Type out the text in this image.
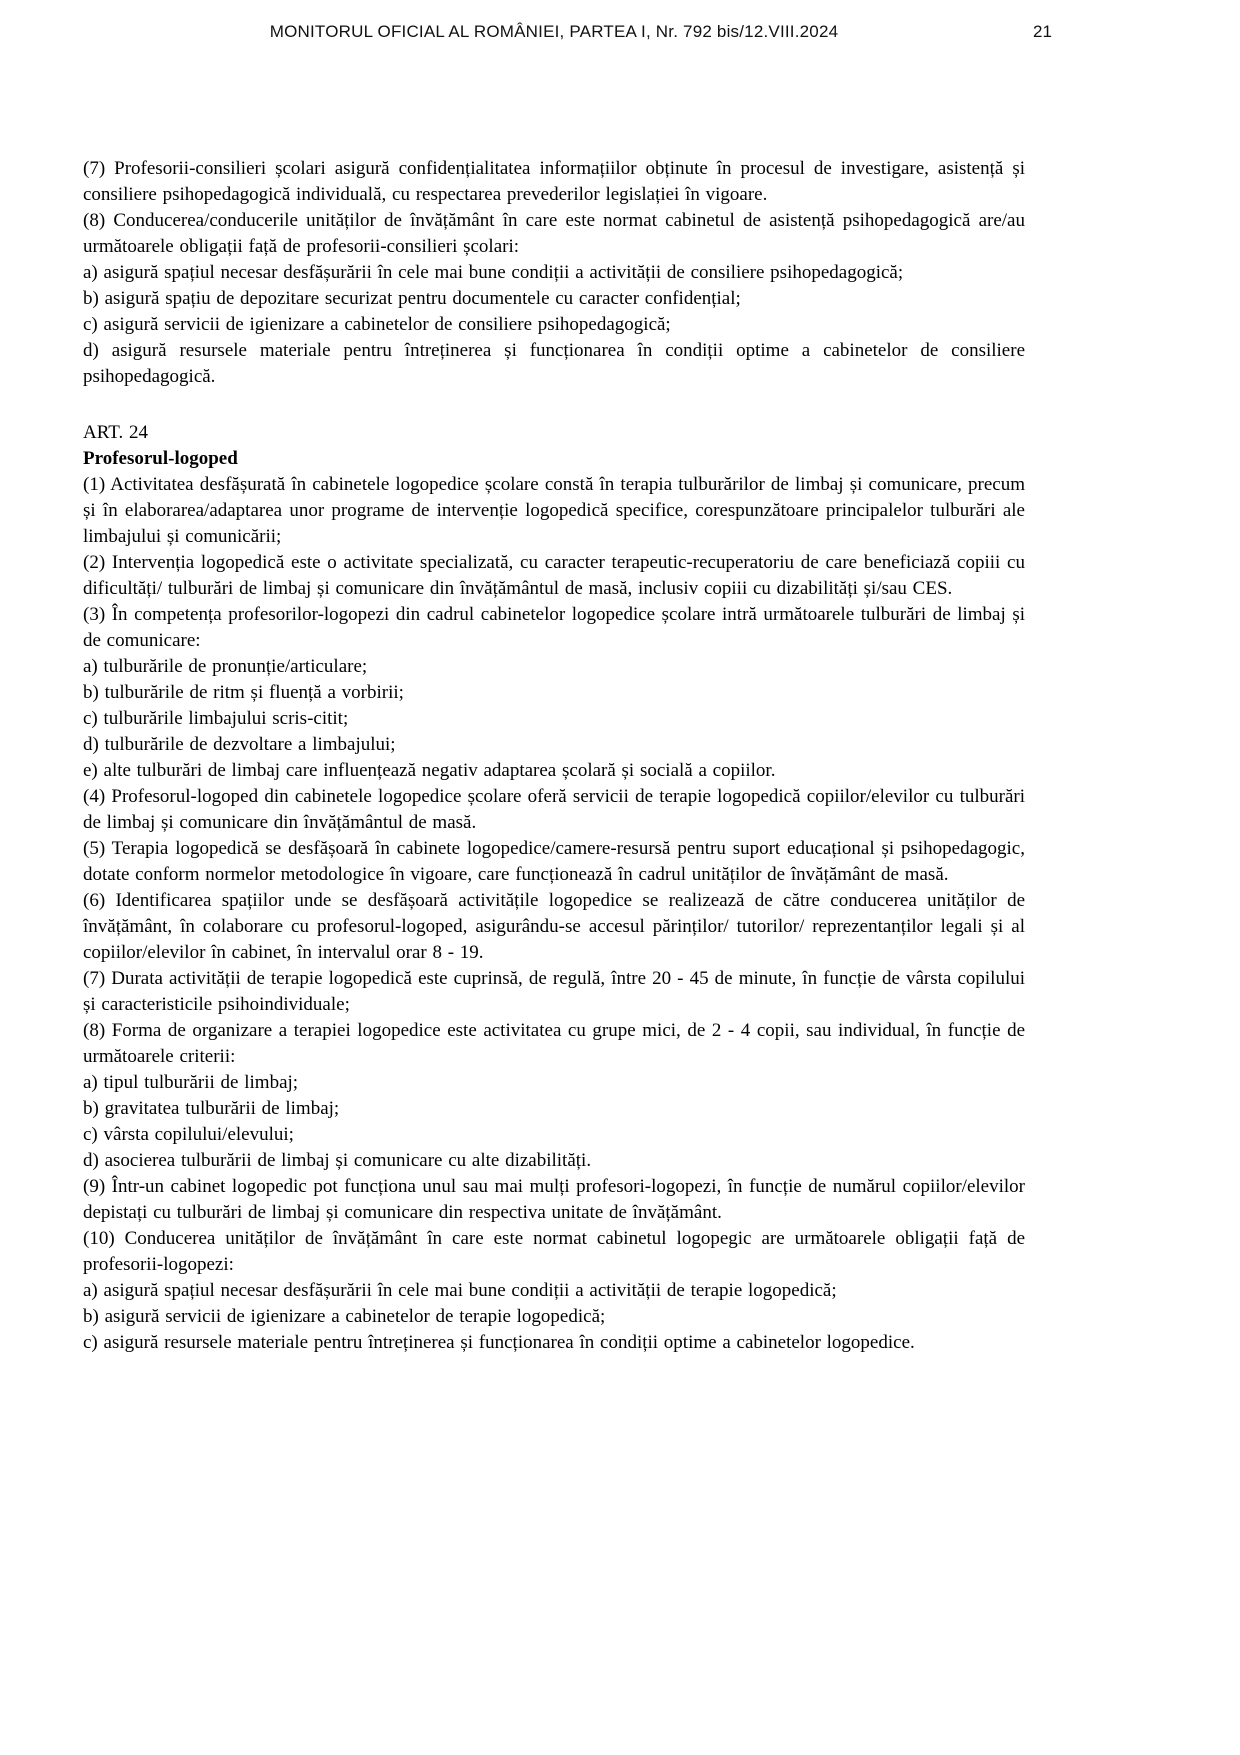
MONITORUL OFICIAL AL ROMÂNIEI, PARTEA I, Nr. 792 bis/12.VIII.2024	21

(7) Profesorii-consilieri școlari asigură confidențialitatea informațiilor obținute în procesul de investigare, asistență și consiliere psihopedagogică individuală, cu respectarea prevederilor legislației în vigoare.

(8) Conducerea/conducerile unităților de învățământ în care este normat cabinetul de asistență psihopedagogică are/au următoarele obligații față de profesorii-consilieri școlari:

a) asigură spațiul necesar desfășurării în cele mai bune condiții a activității de consiliere psihopedagogică;

b) asigură spațiu de depozitare securizat pentru documentele cu caracter confidențial;

c) asigură servicii de igienizare a cabinetelor de consiliere psihopedagogică;

d) asigură resursele materiale pentru întreținerea și funcționarea în condiții optime a cabinetelor de consiliere psihopedagogică.

ART. 24

Profesorul-logoped

(1) Activitatea desfășurată în cabinetele logopedice școlare constă în terapia tulburărilor de limbaj și comunicare, precum și în elaborarea/adaptarea unor programe de intervenție logopedică specifice, corespunzătoare principalelor tulburări ale limbajului și comunicării;

(2) Intervenția logopedică este o activitate specializată, cu caracter terapeutic-recuperatoriu de care beneficiază copiii cu dificultăți/ tulburări de limbaj și comunicare din învățământul de masă, inclusiv copiii cu dizabilități și/sau CES.

(3) În competența profesorilor-logopezi din cadrul cabinetelor logopedice școlare intră următoarele tulburări de limbaj și de comunicare:

a) tulburările de pronunție/articulare;

b) tulburările de ritm și fluență a vorbirii;

c) tulburările limbajului scris-citit;

d) tulburările de dezvoltare a limbajului;

e) alte tulburări de limbaj care influențează negativ adaptarea școlară și socială a copiilor.

(4) Profesorul-logoped din cabinetele logopedice școlare oferă servicii de terapie logopedică copiilor/elevilor cu tulburări de limbaj și comunicare din învățământul de masă.

(5) Terapia logopedică se desfășoară în cabinete logopedice/camere-resursă pentru suport educațional și psihopedagogic, dotate conform normelor metodologice în vigoare, care funcționează în cadrul unităților de învățământ de masă.

(6) Identificarea spațiilor unde se desfășoară activitățile logopedice se realizează de către conducerea unităților de învățământ, în colaborare cu profesorul-logoped, asigurându-se accesul părinților/ tutorilor/ reprezentanților legali și al copiilor/elevilor în cabinet, în intervalul orar 8 - 19.

(7) Durata activității de terapie logopedică este cuprinsă, de regulă, între 20 - 45 de minute, în funcție de vârsta copilului și caracteristicile psihoindividuale;

(8) Forma de organizare a terapiei logopedice este activitatea cu grupe mici, de 2 - 4 copii, sau individual, în funcție de următoarele criterii:

a) tipul tulburării de limbaj;

b) gravitatea tulburării de limbaj;

c) vârsta copilului/elevului;

d) asocierea tulburării de limbaj și comunicare cu alte dizabilități.

(9) Într-un cabinet logopedic pot funcționa unul sau mai mulți profesori-logopezi, în funcție de numărul copiilor/elevilor depistați cu tulburări de limbaj și comunicare din respectiva unitate de învățământ.

(10) Conducerea unităților de învățământ în care este normat cabinetul logopegic are următoarele obligații față de profesorii-logopezi:

a) asigură spațiul necesar desfășurării în cele mai bune condiții a activității de terapie logopedică;

b) asigură servicii de igienizare a cabinetelor de terapie logopedică;

c) asigură resursele materiale pentru întreținerea și funcționarea în condiții optime a cabinetelor logopedice.
